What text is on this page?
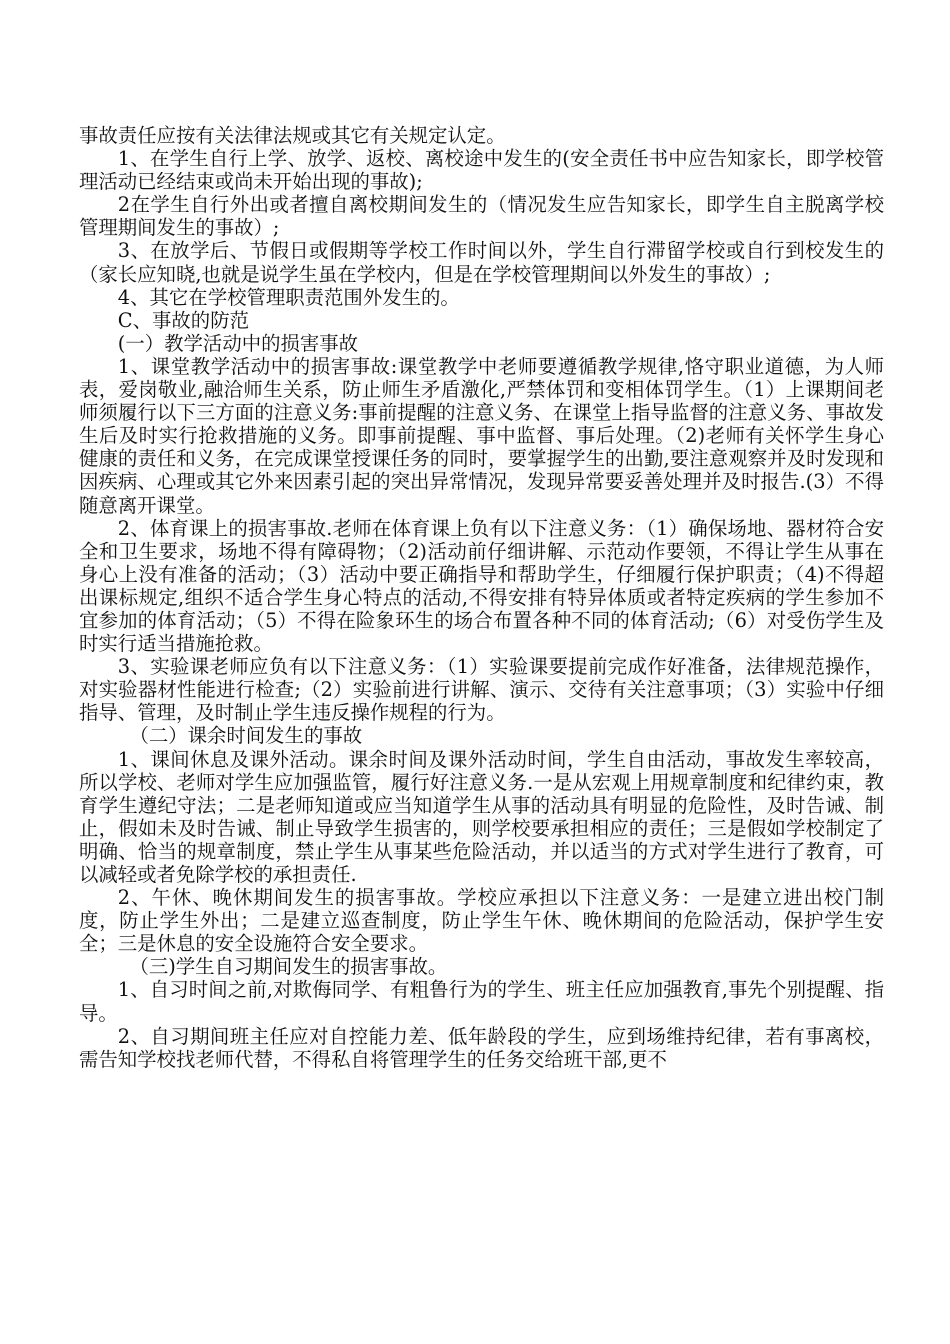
事故责任应按有关法律法规或其它有关规定认定。

1、在学生自行上学、放学、返校、离校途中发生的(安全责任书中应告知家长，即学校管理活动已经结束或尚未开始出现的事故);

2在学生自行外出或者擅自离校期间发生的（情况发生应告知家长，即学生自主脱离学校管理期间发生的事故）;

3、在放学后、节假日或假期等学校工作时间以外，学生自行滞留学校或自行到校发生的（家长应知晓,也就是说学生虽在学校内，但是在学校管理期间以外发生的事故）;

4、其它在学校管理职责范围外发生的。

C、事故的防范

(一）教学活动中的损害事故

1、课堂教学活动中的损害事故:课堂教学中老师要遵循教学规律,恪守职业道德，为人师表，爱岗敬业,融洽师生关系，防止师生矛盾激化,严禁体罚和变相体罚学生。（1）上课期间老师须履行以下三方面的注意义务:事前提醒的注意义务、在课堂上指导监督的注意义务、事故发生后及时实行抢救措施的义务。即事前提醒、事中监督、事后处理。（2)老师有关怀学生身心健康的责任和义务，在完成课堂授课任务的同时，要掌握学生的出勤,要注意观察并及时发现和因疾病、心理或其它外来因素引起的突出异常情况，发现异常要妥善处理并及时报告.(3）不得随意离开课堂。

2、体育课上的损害事故.老师在体育课上负有以下注意义务：（1）确保场地、器材符合安全和卫生要求，场地不得有障碍物；（2)活动前仔细讲解、示范动作要领，不得让学生从事在身心上没有准备的活动；（3）活动中要正确指导和帮助学生，仔细履行保护职责；（4)不得超出课标规定,组织不适合学生身心特点的活动,不得安排有特异体质或者特定疾病的学生参加不宜参加的体育活动；（5）不得在险象环生的场合布置各种不同的体育活动;（6）对受伤学生及时实行适当措施抢救。

3、实验课老师应负有以下注意义务：（1）实验课要提前完成作好准备，法律规范操作，对实验器材性能进行检查;（2）实验前进行讲解、演示、交待有关注意事项；（3）实验中仔细指导、管理，及时制止学生违反操作规程的行为。

（二）课余时间发生的事故

1、课间休息及课外活动。课余时间及课外活动时间，学生自由活动，事故发生率较高，所以学校、老师对学生应加强监管，履行好注意义务.一是从宏观上用规章制度和纪律约束，教育学生遵纪守法；二是老师知道或应当知道学生从事的活动具有明显的危险性，及时告诫、制止，假如未及时告诫、制止导致学生损害的，则学校要承担相应的责任；三是假如学校制定了明确、恰当的规章制度，禁止学生从事某些危险活动，并以适当的方式对学生进行了教育，可以减轻或者免除学校的承担责任.

2、午休、晚休期间发生的损害事故。学校应承担以下注意义务：一是建立进出校门制度，防止学生外出；二是建立巡查制度，防止学生午休、晚休期间的危险活动，保护学生安全；三是休息的安全设施符合安全要求。

（三)学生自习期间发生的损害事故。

1、自习时间之前,对欺侮同学、有粗鲁行为的学生、班主任应加强教育,事先个别提醒、指导。

2、自习期间班主任应对自控能力差、低年龄段的学生，应到场维持纪律，若有事离校，需告知学校找老师代替，不得私自将管理学生的任务交给班干部,更不
